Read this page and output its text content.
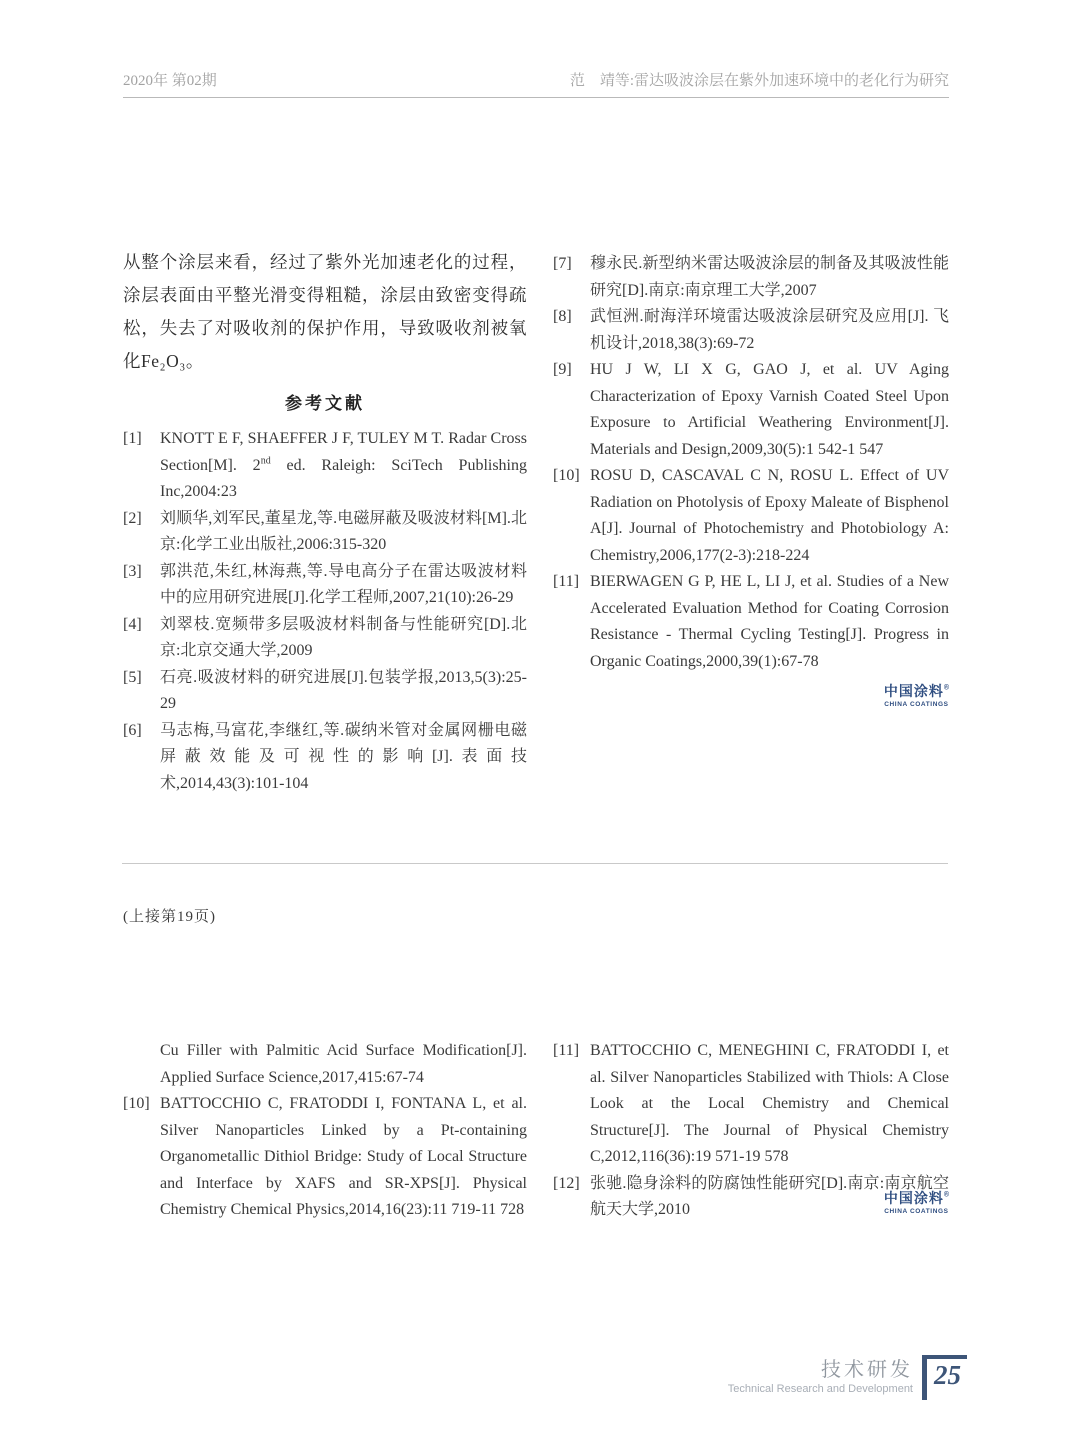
2020年 第02期	范　靖等:雷达吸波涂层在紫外加速环境中的老化行为研究
从整个涂层来看，经过了紫外光加速老化的过程，涂层表面由平整光滑变得粗糙，涂层由致密变得疏松，失去了对吸收剂的保护作用，导致吸收剂被氧化Fe₂O₃。
参考文献
[1] KNOTT E F, SHAEFFER J F, TULEY M T. Radar Cross Section[M]. 2nd ed. Raleigh: SciTech Publishing Inc,2004:23
[2] 刘顺华,刘军民,董星龙,等.电磁屏蔽及吸波材料[M].北京:化学工业出版社,2006:315-320
[3] 郭洪范,朱红,林海燕,等.导电高分子在雷达吸波材料中的应用研究进展[J].化学工程师,2007,21(10):26-29
[4] 刘翠枝.宽频带多层吸波材料制备与性能研究[D].北京:北京交通大学,2009
[5] 石亮.吸波材料的研究进展[J].包装学报,2013,5(3):25-29
[6] 马志梅,马富花,李继红,等.碳纳米管对金属网栅电磁屏蔽效能及可视性的影响[J].表面技术,2014,43(3):101-104
[7] 穆永民.新型纳米雷达吸波涂层的制备及其吸波性能研究[D].南京:南京理工大学,2007
[8] 武恒洲.耐海洋环境雷达吸波涂层研究及应用[J]. 飞机设计,2018,38(3):69-72
[9] HU J W, LI X G, GAO J, et al. UV Aging Characterization of Epoxy Varnish Coated Steel Upon Exposure to Artificial Weathering Environment[J]. Materials and Design,2009,30(5):1 542-1 547
[10] ROSU D, CASCAVAL C N, ROSU L. Effect of UV Radiation on Photolysis of Epoxy Maleate of Bisphenol A[J]. Journal of Photochemistry and Photobiology A: Chemistry,2006,177(2-3):218-224
[11] BIERWAGEN G P, HE L, LI J, et al. Studies of a New Accelerated Evaluation Method for Coating Corrosion Resistance - Thermal Cycling Testing[J]. Progress in Organic Coatings,2000,39(1):67-78
中国涂料®
CHINA COATINGS
(上接第19页)
Cu Filler with Palmitic Acid Surface Modification[J]. Applied Surface Science,2017,415:67-74
[10] BATTOCCHIO C, FRATODDI I, FONTANA L, et al. Silver Nanoparticles Linked by a Pt-containing Organometallic Dithiol Bridge: Study of Local Structure and Interface by XAFS and SR-XPS[J]. Physical Chemistry Chemical Physics,2014,16(23):11 719-11 728
[11] BATTOCCHIO C, MENEGHINI C, FRATODDI I, et al. Silver Nanoparticles Stabilized with Thiols: A Close Look at the Local Chemistry and Chemical Structure[J]. The Journal of Physical Chemistry C,2012,116(36):19 571-19 578
[12] 张驰.隐身涂料的防腐蚀性能研究[D].南京:南京航空航天大学,2010
中国涂料®
CHINA COATINGS
技术研发
Technical Research and Development 25
